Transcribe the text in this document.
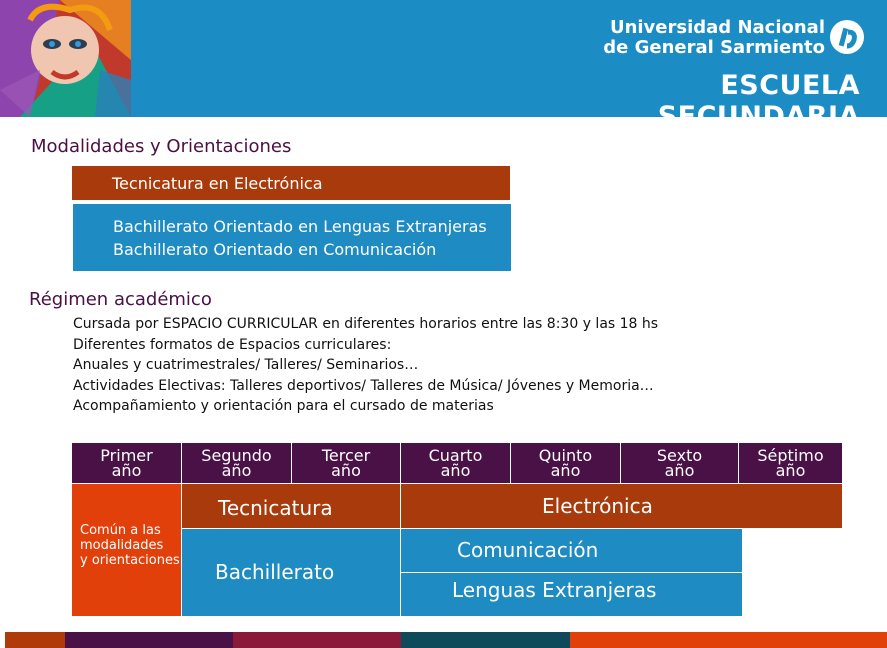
Universidad Nacional
de General Sarmiento
ESCUELA SECUNDARIA
Modalidades y Orientaciones
Tecnicatura en Electrónica
Bachillerato Orientado en Lenguas Extranjeras
Bachillerato Orientado en Comunicación
Régimen académico
Cursada por ESPACIO CURRICULAR en diferentes horarios entre las 8:30 y las 18 hs
Diferentes formatos de Espacios curriculares:
Anuales y cuatrimestrales/ Talleres/ Seminarios…
Actividades Electivas: Talleres deportivos/ Talleres de Música/ Jóvenes y Memoria…
Acompañamiento y orientación para el cursado de materias
Primer
año
Segundo
año
Tercer
año
Cuarto
año
Quinto
año
Sexto
año
Séptimo
año
Común a las
modalidades
y orientaciones
Tecnicatura	Electrónica
Bachillerato
Comunicación
Lenguas Extranjeras
